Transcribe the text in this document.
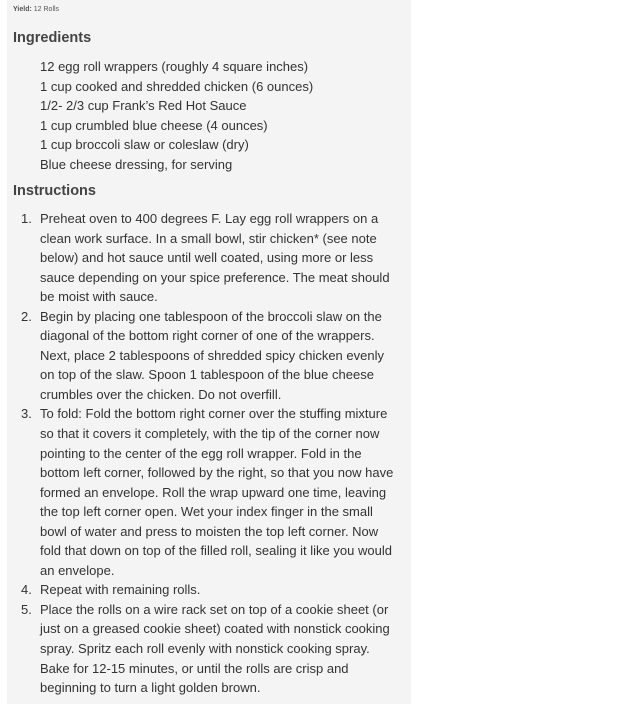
Yield: 12 Rolls
Ingredients
12 egg roll wrappers (roughly 4 square inches)
1 cup cooked and shredded chicken (6 ounces)
1/2- 2/3 cup Frank’s Red Hot Sauce
1 cup crumbled blue cheese (4 ounces)
1 cup broccoli slaw or coleslaw (dry)
Blue cheese dressing, for serving
Instructions
1. Preheat oven to 400 degrees F. Lay egg roll wrappers on a clean work surface. In a small bowl, stir chicken* (see note below) and hot sauce until well coated, using more or less sauce depending on your spice preference. The meat should be moist with sauce.
2. Begin by placing one tablespoon of the broccoli slaw on the diagonal of the bottom right corner of one of the wrappers. Next, place 2 tablespoons of shredded spicy chicken evenly on top of the slaw. Spoon 1 tablespoon of the blue cheese crumbles over the chicken. Do not overfill.
3. To fold: Fold the bottom right corner over the stuffing mixture so that it covers it completely, with the tip of the corner now pointing to the center of the egg roll wrapper. Fold in the bottom left corner, followed by the right, so that you now have formed an envelope. Roll the wrap upward one time, leaving the top left corner open. Wet your index finger in the small bowl of water and press to moisten the top left corner. Now fold that down on top of the filled roll, sealing it like you would an envelope.
4. Repeat with remaining rolls.
5. Place the rolls on a wire rack set on top of a cookie sheet (or just on a greased cookie sheet) coated with nonstick cooking spray. Spritz each roll evenly with nonstick cooking spray. Bake for 12-15 minutes, or until the rolls are crisp and beginning to turn a light golden brown.
